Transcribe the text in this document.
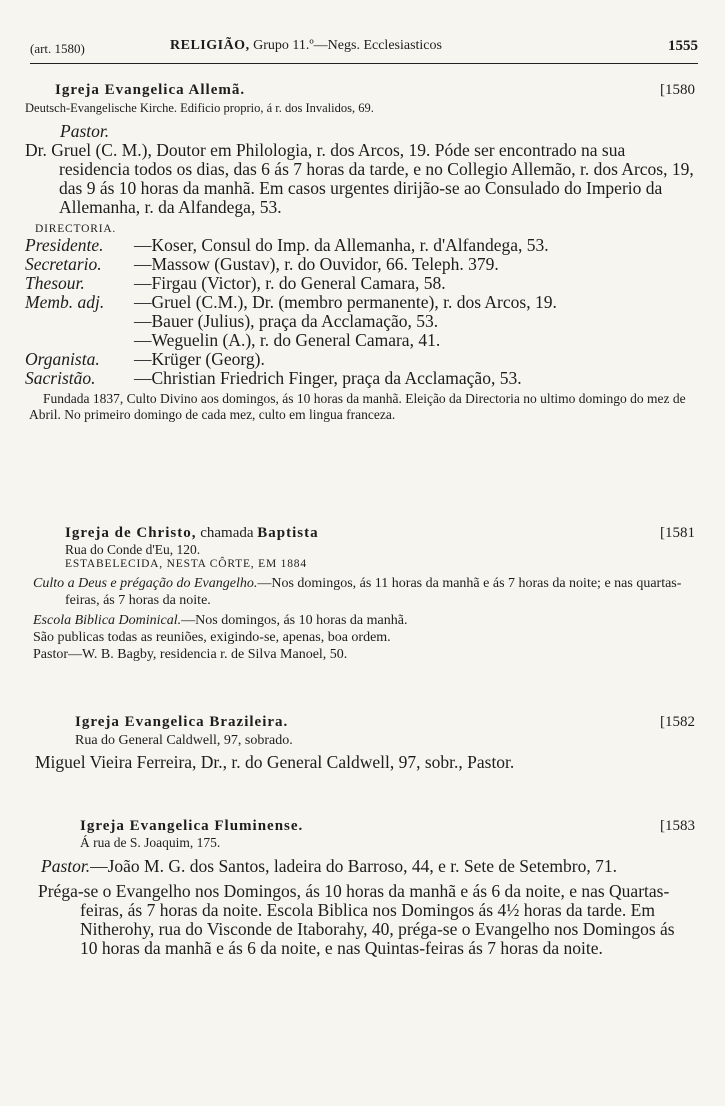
(art. 1580)	RELIGIÃO, Grupo 11.º—Negs. Ecclesiasticos	1555
Igreja Evangelica Allemã.	[1580
Deutsch-Evangelische Kirche. Edificio proprio, á r. dos Invalidos, 69.
Pastor.

Dr. Gruel (C. M.), Doutor em Philologia, r. dos Arcos, 19. Póde ser encontrado na sua residencia todos os dias, das 6 ás 7 horas da tarde, e no Collegio Allemão, r. dos Arcos, 19, das 9 ás 10 horas da manhã. Em casos urgentes dirijão-se ao Consulado do Imperio da Allemanha, r. da Alfandega, 53.

DIRECTORIA.
Presidente. —Koser, Consul do Imp. da Allemanha, r. d'Alfandega, 53.
Secretario. —Massow (Gustav), r. do Ouvidor, 66. Teleph. 379.
Thesour.	—Firgau (Victor), r. do General Camara, 58.
Memb. adj. —Gruel (C.M.), Dr. (membro permanente), r. dos Arcos, 19.
—Bauer (Julius), praça da Acclamação, 53.
—Weguelin (A.), r. do General Camara, 41.
Organista. —Krüger (Georg).
Sacristão. —Christian Friedrich Finger, praça da Acclamação, 53.

Fundada 1837, Culto Divino aos domingos, ás 10 horas da manhã. Eleição da Directoria no ultimo domingo do mez de Abril. No primeiro domingo de cada mez, culto em lingua franceza.

Igreja de Christo, chamada Baptista	[1581
Rua do Conde d'Eu, 120.
ESTABELECIDA, NESTA CÔRTE, EM 1884

Culto a Deus e prégação do Evangelho.—Nos domingos, ás 11 horas da manhã e ás 7 horas da noite; e nas quartas-feiras, ás 7 horas da noite.

Escola Biblica Dominical.—Nos domingos, ás 10 horas da manhã.

São publicas todas as reuniões, exigindo-se, apenas, boa ordem.

Pastor—W. B. Bagby, residencia r. de Silva Manoel, 50.

Igreja Evangelica Brazileira.	[1582
Rua do General Caldwell, 97, sobrado.
Miguel Vieira Ferreira, Dr., r. do General Caldwell, 97, sobr., Pastor.
Igreja Evangelica Fluminense.	[1583
Á rua de S. Joaquim, 175.

Pastor.—João M. G. dos Santos, ladeira do Barroso, 44, e r. Sete de Setembro, 71.

Préga-se o Evangelho nos Domingos, ás 10 horas da manhã e ás 6 da noite, e nas Quartas-feiras, ás 7 horas da noite. Escola Biblica nos Domingos ás 4½ horas da tarde. Em Nitherohy, rua do Visconde de Itaborahy, 40, préga-se o Evangelho nos Domingos ás 10 horas da manhã e ás 6 da noite, e nas Quintas-feiras ás 7 horas da noite.
